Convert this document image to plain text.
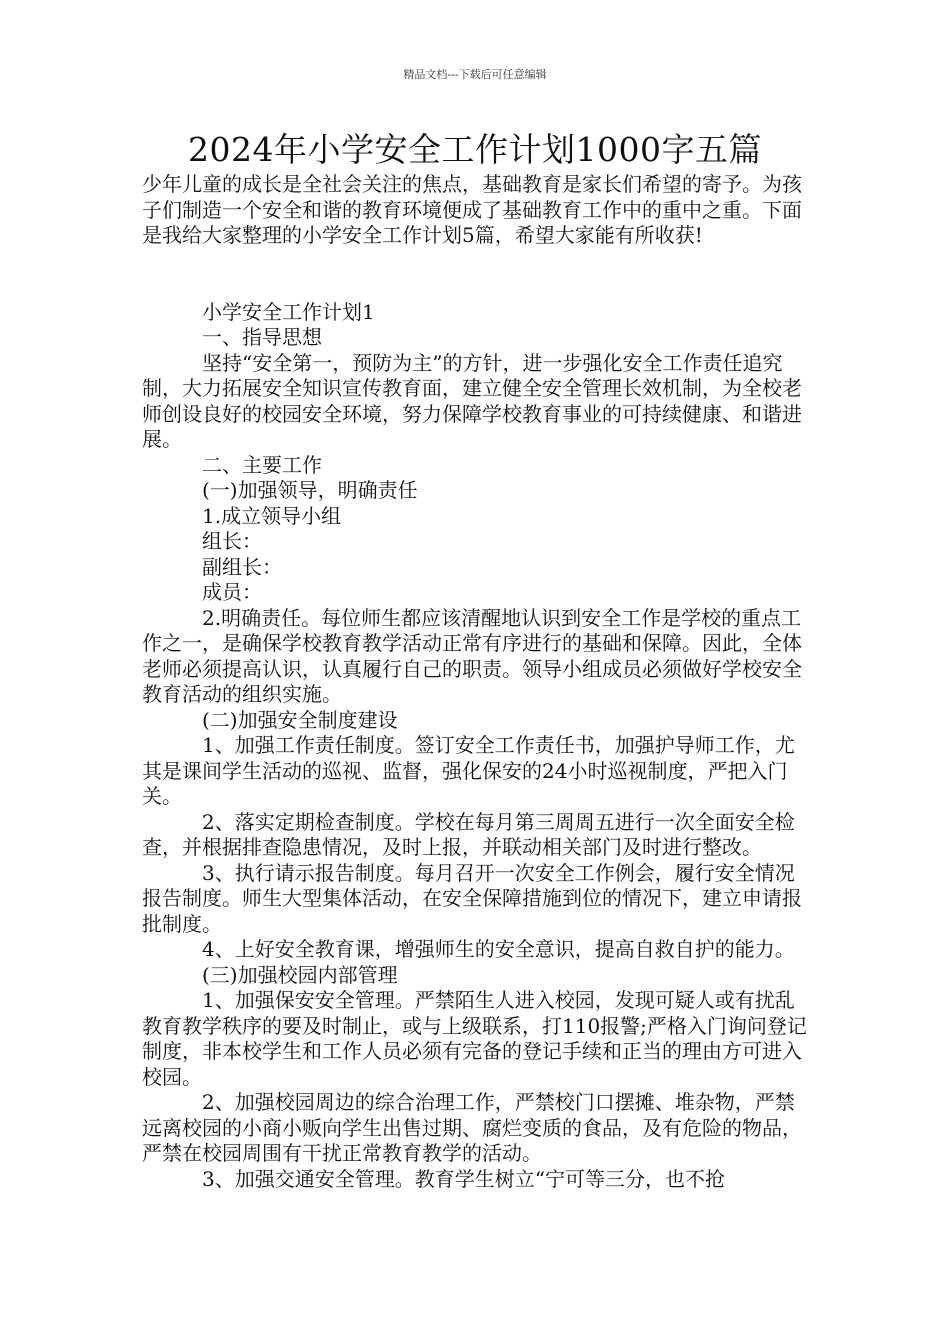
精品文档---下载后可任意编辑
2024年小学安全工作计划1000字五篇

少年儿童的成长是全社会关注的焦点，基础教育是家长们希望的寄予。为孩子们制造一个安全和谐的教育环境便成了基础教育工作中的重中之重。下面是我给大家整理的小学安全工作计划5篇，希望大家能有所收获!

小学安全工作计划1

一、指导思想

坚持“安全第一，预防为主”的方针，进一步强化安全工作责任追究制，大力拓展安全知识宣传教育面，建立健全安全管理长效机制，为全校老师创设良好的校园安全环境，努力保障学校教育事业的可持续健康、和谐进展。

二、主要工作

(一)加强领导，明确责任

1.成立领导小组

组长：

副组长：

成员：

2.明确责任。每位师生都应该清醒地认识到安全工作是学校的重点工作之一，是确保学校教育教学活动正常有序进行的基础和保障。因此，全体老师必须提高认识，认真履行自己的职责。领导小组成员必须做好学校安全教育活动的组织实施。

(二)加强安全制度建设

1、加强工作责任制度。签订安全工作责任书，加强护导师工作，尤其是课间学生活动的巡视、监督，强化保安的24小时巡视制度，严把入门关。

2、落实定期检查制度。学校在每月第三周周五进行一次全面安全检查，并根据排查隐患情况，及时上报，并联动相关部门及时进行整改。

3、执行请示报告制度。每月召开一次安全工作例会，履行安全情况报告制度。师生大型集体活动，在安全保障措施到位的情况下，建立申请报批制度。

4、上好安全教育课，增强师生的安全意识，提高自救自护的能力。

(三)加强校园内部管理

1、加强保安安全管理。严禁陌生人进入校园，发现可疑人或有扰乱教育教学秩序的要及时制止，或与上级联系，打110报警;严格入门询问登记制度，非本校学生和工作人员必须有完备的登记手续和正当的理由方可进入校园。

2、加强校园周边的综合治理工作，严禁校门口摆摊、堆杂物，严禁远离校园的小商小贩向学生出售过期、腐烂变质的食品，及有危险的物品，严禁在校园周围有干扰正常教育教学的活动。

3、加强交通安全管理。教育学生树立“宁可等三分，也不抢
